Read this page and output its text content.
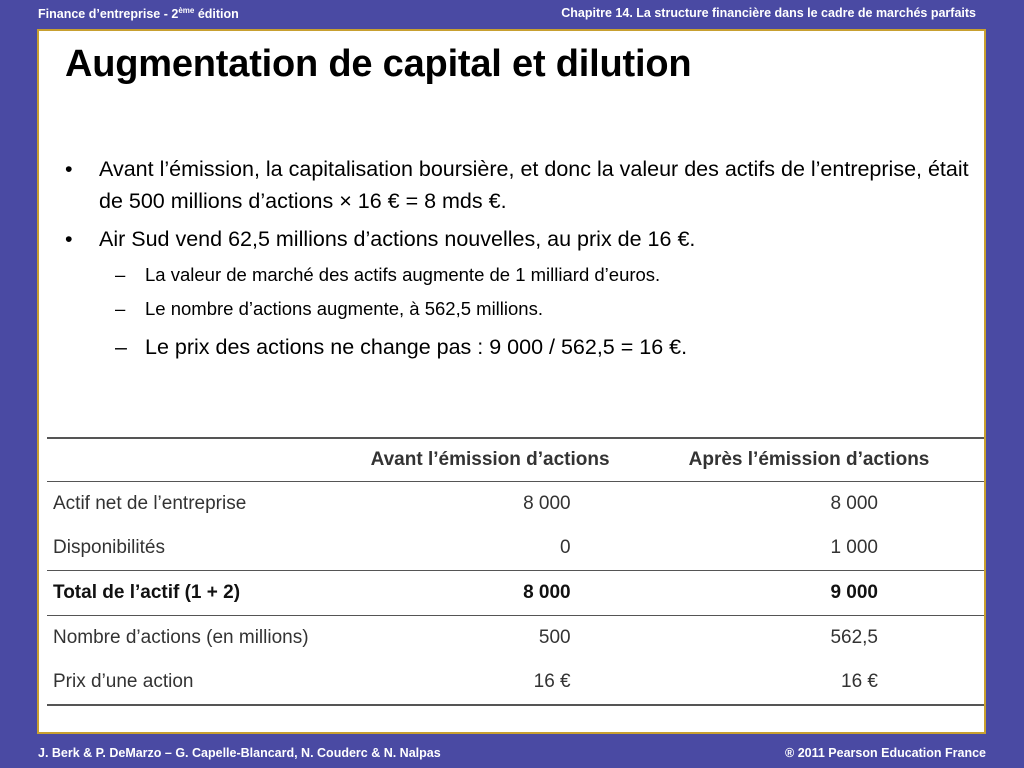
Finance d’entreprise - 2ème édition	Chapitre 14. La structure financière dans le cadre de marchés parfaits
Augmentation de capital et dilution
• Avant l’émission, la capitalisation boursière, et donc la valeur des actifs de l’entreprise, était de 500 millions d’actions × 16 € = 8 mds €.
• Air Sud vend 62,5 millions d’actions nouvelles, au prix de 16 €.
– La valeur de marché des actifs augmente de 1 milliard d’euros.
– Le nombre d’actions augmente, à 562,5 millions.
– Le prix des actions ne change pas : 9 000 / 562,5 = 16 €.
	Avant l’émission d’actions	Après l’émission d’actions
Actif net de l’entreprise	8 000	8 000
Disponibilités	0	1 000
Total de l’actif (1 + 2)	8 000	9 000
Nombre d’actions (en millions)	500	562,5
Prix d’une action	16 €	16 €
J. Berk & P. DeMarzo – G. Capelle-Blancard, N. Couderc & N. Nalpas	® 2011 Pearson Education France
